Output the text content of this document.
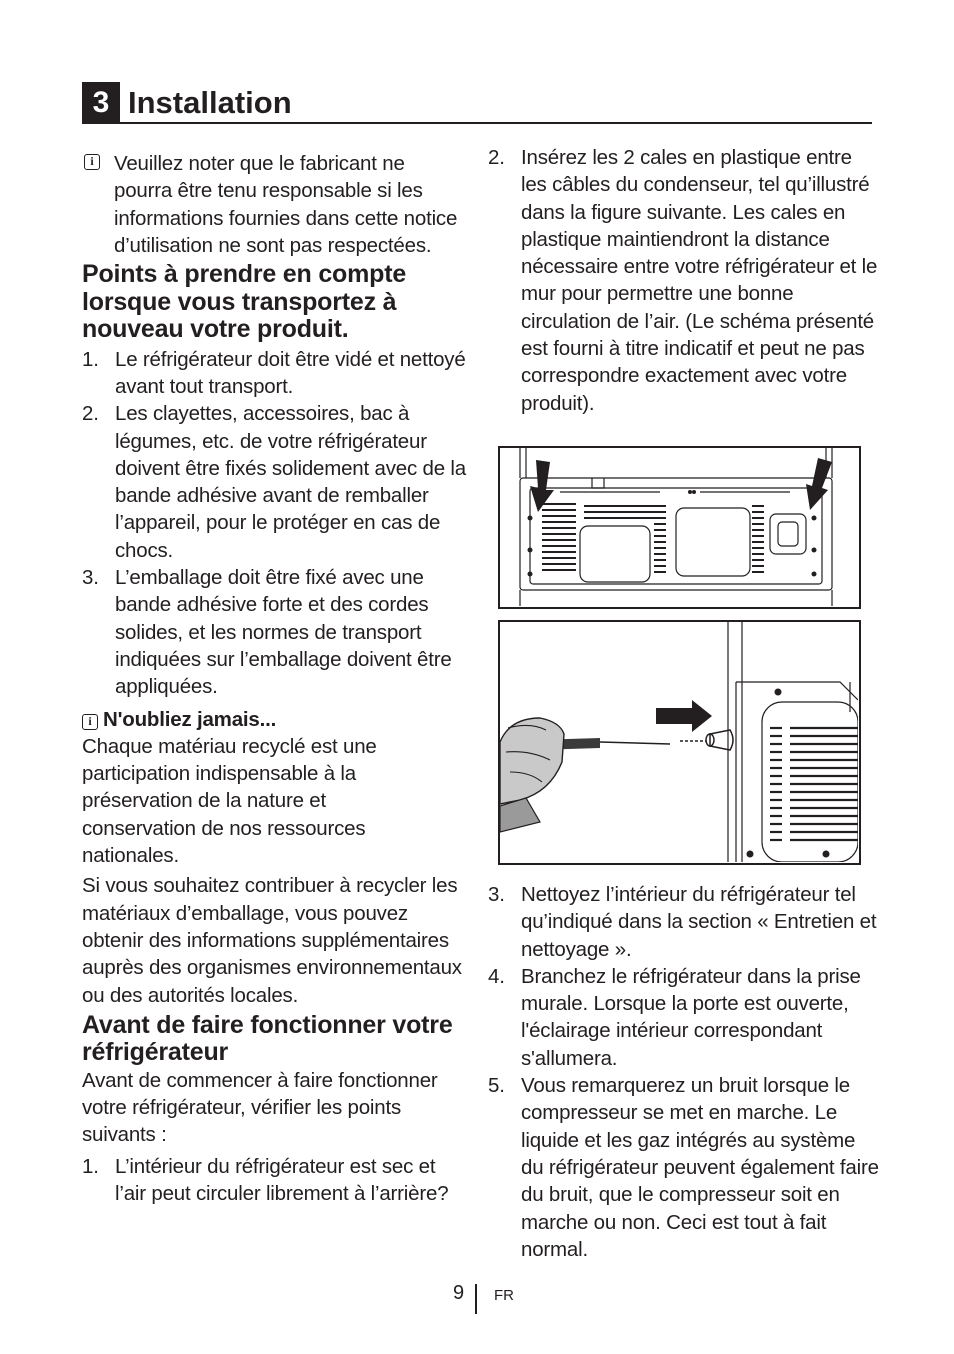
3 Installation
i Veuillez noter que le fabricant ne pourra être tenu responsable si les informations fournies dans cette notice d’utilisation ne sont pas respectées.

Points à prendre en compte lorsque vous transportez à nouveau votre produit.

1. Le réfrigérateur doit être vidé et nettoyé avant tout transport.
2. Les clayettes, accessoires, bac à légumes, etc. de votre réfrigérateur doivent être fixés solidement avec de la bande adhésive avant de remballer l’appareil, pour le protéger en cas de chocs.
3. L’emballage doit être fixé avec une bande adhésive forte et des cordes solides, et les normes de transport indiquées sur l’emballage doivent être appliquées.
i N'oubliez jamais...

Chaque matériau recyclé est une participation indispensable à la préservation de la nature et conservation de nos ressources nationales.

Si vous souhaitez contribuer à recycler les matériaux d’emballage, vous pouvez obtenir des informations supplémentaires auprès des organismes environnementaux ou des autorités locales.

Avant de faire fonctionner votre réfrigérateur

Avant de commencer à faire fonctionner votre réfrigérateur, vérifier les points suivants :

1. L’intérieur du réfrigérateur est sec et l’air peut circuler librement à l’arrière?
2. Insérez les 2 cales en plastique entre les câbles du condenseur, tel qu’illustré dans la figure suivante. Les cales en plastique maintiendront la distance nécessaire entre votre réfrigérateur et le mur pour permettre une bonne circulation de l’air. (Le schéma présenté est fourni à titre indicatif et peut ne pas correspondre exactement avec votre produit).
3. Nettoyez l’intérieur du réfrigérateur tel qu’indiqué dans la section « Entretien et nettoyage ».
4. Branchez le réfrigérateur dans la prise murale. Lorsque la porte est ouverte, l'éclairage intérieur correspondant s'allumera.
5. Vous remarquerez un bruit lorsque le compresseur se met en marche. Le liquide et les gaz intégrés au système du réfrigérateur peuvent également faire du bruit, que le compresseur soit en marche ou non. Ceci est tout à fait normal.
9 FR
